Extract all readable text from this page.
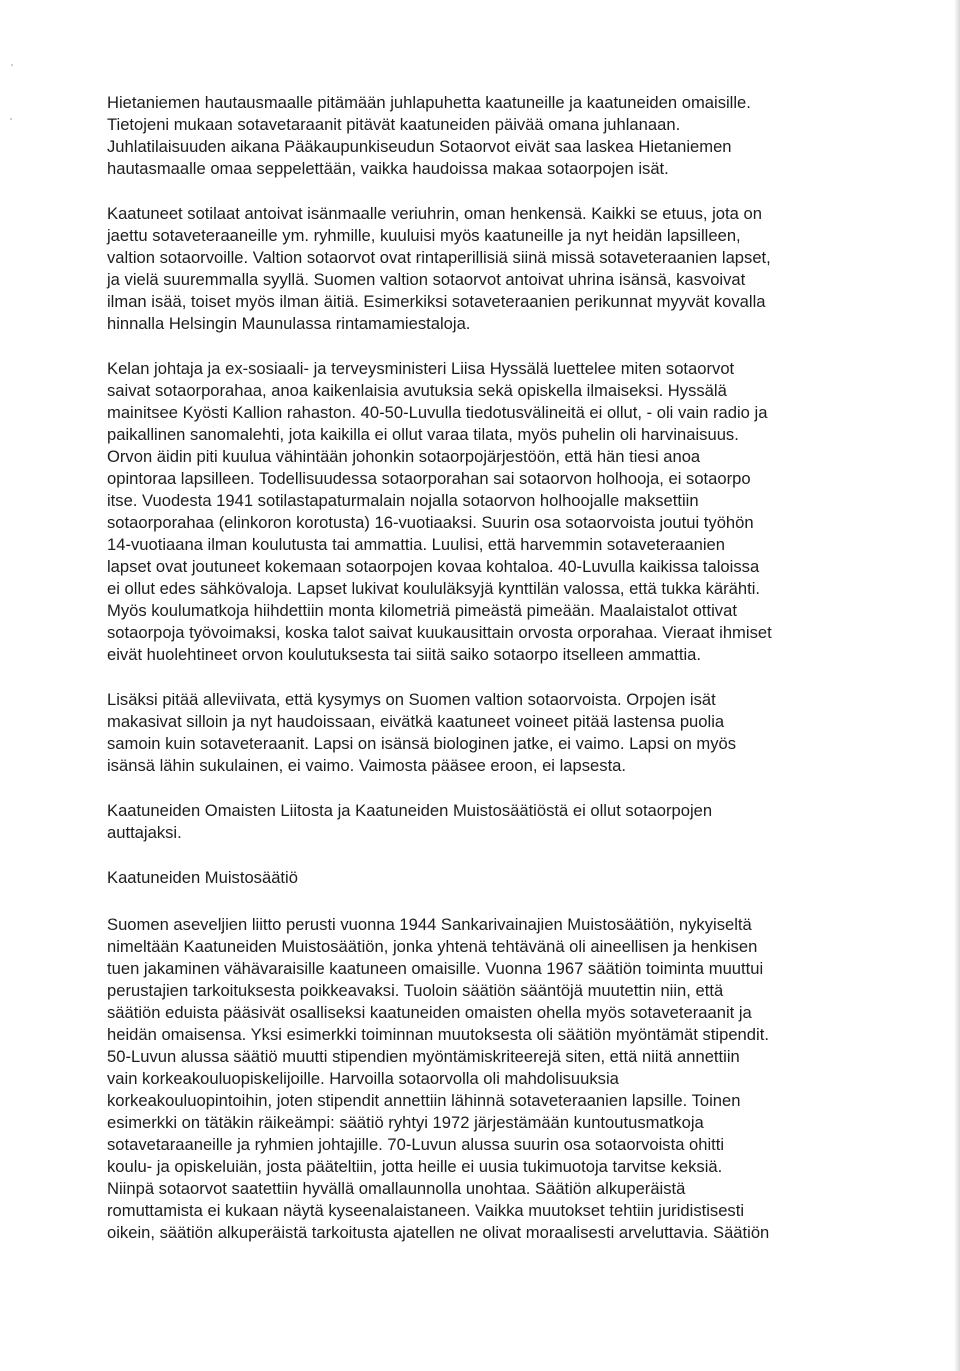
Hietaniemen hautausmaalle pitämään juhlapuhetta kaatuneille ja kaatuneiden omaisille.
Tietojeni mukaan sotavetaraanit pitävät kaatuneiden päivää omana juhlanaan.
Juhlatilaisuuden aikana Pääkaupunkiseudun Sotaorvot eivät saa laskea Hietaniemen
hautasmaalle omaa seppelettään, vaikka haudoissa makaa sotaorpojen isät.

Kaatuneet sotilaat antoivat isänmaalle veriuhrin, oman henkensä. Kaikki se etuus, jota on
jaettu sotaveteraaneille ym. ryhmille, kuuluisi myös kaatuneille ja nyt heidän lapsilleen,
valtion sotaorvoille. Valtion sotaorvot ovat rintaperillisiä siinä missä sotaveteraanien lapset,
ja vielä suuremmalla syyllä. Suomen valtion sotaorvot antoivat uhrina isänsä, kasvoivat
ilman isää, toiset myös ilman äitiä. Esimerkiksi sotaveteraanien perikunnat myyvät kovalla
hinnalla Helsingin Maunulassa rintamamiestaloja.

Kelan johtaja ja ex-sosiaali- ja terveysministeri Liisa Hyssälä luettelee miten sotaorvot
saivat sotaorporahaa, anoa kaikenlaisia avutuksia sekä opiskella ilmaiseksi. Hyssälä
mainitsee Kyösti Kallion rahaston. 40-50-Luvulla tiedotusvälineitä ei ollut, - oli vain radio ja
paikallinen sanomalehti, jota kaikilla ei ollut varaa tilata, myös puhelin oli harvinaisuus.
Orvon äidin piti kuulua vähintään johonkin sotaorpojärjestöön, että hän tiesi anoa
opintoraa lapsilleen. Todellisuudessa sotaorporahan sai sotaorvon holhooja, ei sotaorpo
itse. Vuodesta 1941 sotilastapaturmalain nojalla sotaorvon holhoojalle maksettiin
sotaorporahaa (elinkoron korotusta) 16-vuotiaaksi. Suurin osa sotaorvoista joutui työhön
14-vuotiaana ilman koulutusta tai ammattia. Luulisi, että harvemmin sotaveteraanien
lapset ovat joutuneet kokemaan sotaorpojen kovaa kohtaloa. 40-Luvulla kaikissa taloissa
ei ollut edes sähkövaloja. Lapset lukivat koululäksyjä kynttilän valossa, että tukka kärähti.
Myös koulumatkoja hiihdettiin monta kilometriä pimeästä pimeään. Maalaistalot ottivat
sotaorpoja työvoimaksi, koska talot saivat kuukausittain orvosta orporahaa. Vieraat ihmiset
eivät huolehtineet orvon koulutuksesta tai siitä saiko sotaorpo itselleen ammattia.

Lisäksi pitää alleviivata, että kysymys on Suomen valtion sotaorvoista. Orpojen isät
makasivat silloin ja nyt haudoissaan, eivätkä kaatuneet voineet pitää lastensa puolia
samoin kuin sotaveteraanit. Lapsi on isänsä biologinen jatke, ei vaimo. Lapsi on myös
isänsä lähin sukulainen, ei vaimo. Vaimosta pääsee eroon, ei lapsesta.

Kaatuneiden Omaisten Liitosta ja Kaatuneiden Muistosäätiöstä ei ollut sotaorpojen
auttajaksi.

Kaatuneiden Muistosäätiö

Suomen aseveljien liitto perusti vuonna 1944 Sankarivainajien Muistosäätiön, nykyiseltä
nimeltään Kaatuneiden Muistosäätiön, jonka yhtenä tehtävänä oli aineellisen ja henkisen
tuen jakaminen vähävaraisille kaatuneen omaisille. Vuonna 1967 säätiön toiminta muuttui
perustajien tarkoituksesta poikkeavaksi. Tuoloin säätiön sääntöjä muutettin niin, että
säätiön eduista pääsivät osalliseksi kaatuneiden omaisten ohella myös sotaveteraanit ja
heidän omaisensa. Yksi esimerkki toiminnan muutoksesta oli säätiön myöntämät stipendit.
50-Luvun alussa säätiö muutti stipendien myöntämiskriteerejä siten, että niitä annettiin
vain korkeakouluopiskelijoille. Harvoilla sotaorvolla oli mahdolisuuksia
korkeakouluopintoihin, joten stipendit annettiin lähinnä sotaveteraanien lapsille. Toinen
esimerkki on tätäkin räikeämpi: säätiö ryhtyi 1972 järjestämään kuntoutusmatkoja
sotavetaraaneille ja ryhmien johtajille. 70-Luvun alussa suurin osa sotaorvoista ohitti
koulu- ja opiskeluiän, josta pääteltiin, jotta heille ei uusia tukimuotoja tarvitse keksiä.
Niinpä sotaorvot saatettiin hyvällä omallaunnolla unohtaa. Säätiön alkuperäistä
romuttamista ei kukaan näytä kyseenalaistaneen. Vaikka muutokset tehtiin juridistisesti
oikein, säätiön alkuperäistä tarkoitusta ajatellen ne olivat moraalisesti arveluttavia. Säätiön
